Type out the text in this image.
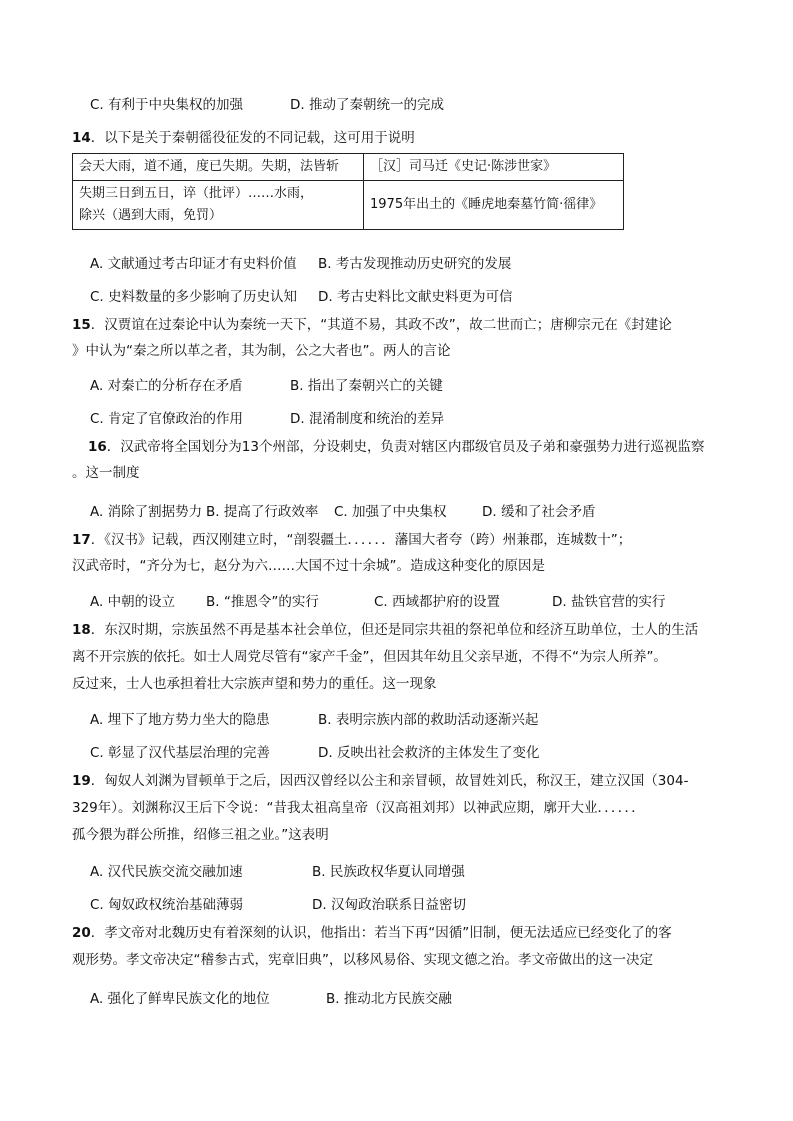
C. 有利于中央集权的加强	D. 推动了秦朝统一的完成
14．以下是关于秦朝徭役征发的不同记载，这可用于说明
会天大雨，道不通，度已失期。失期，法皆斩	［汉］司马迁《史记·陈涉世家》

失期三日到五日，谇（批评）……水雨，
除兴（遇到大雨，免罚）	1975年出土的《睡虎地秦墓竹简·徭律》
A. 文献通过考古印证才有史料价值 B. 考古发现推动历史研究的发展
C. 史料数量的多少影响了历史认知 D. 考古史料比文献史料更为可信
15．汉贾谊在过秦论中认为秦统一天下，“其道不易，其政不改”，故二世而亡；唐柳宗元在《封建论
》中认为“秦之所以革之者，其为制，公之大者也”。两人的言论
A. 对秦亡的分析存在矛盾	B. 指出了秦朝兴亡的关键
C. 肯定了官僚政治的作用	D. 混淆制度和统治的差异
16．汉武帝将全国划分为13个州部，分设刺史，负责对辖区内郡级官员及子弟和豪强势力进行巡视监察
。这一制度
A. 消除了割据势力 B. 提高了行政效率 C. 加强了中央集权	D. 缓和了社会矛盾
17．《汉书》记载，西汉刚建立时，“剖裂疆土．．．．．．藩国大者夸（跨）州兼郡，连城数十”；
汉武帝时，“齐分为七，赵分为六……大国不过十余城”。造成这种变化的原因是
A. 中朝的设立 B. “推恩令”的实行	C. 西域都护府的设置	D. 盐铁官营的实行
18．东汉时期，宗族虽然不再是基本社会单位，但还是同宗共祖的祭祀单位和经济互助单位，士人的生活
离不开宗族的依托。如士人周党尽管有“家产千金”，但因其年幼且父亲早逝，不得不“为宗人所养”。
反过来，士人也承担着壮大宗族声望和势力的重任。这一现象
A. 埋下了地方势力坐大的隐患	B. 表明宗族内部的救助活动逐渐兴起
C. 彰显了汉代基层治理的完善	D. 反映出社会救济的主体发生了变化
19．匈奴人刘渊为冒顿单于之后，因西汉曾经以公主和亲冒顿，故冒姓刘氏，称汉王，建立汉国（304-
329年）。刘渊称汉王后下令说：“昔我太祖高皇帝（汉高祖刘邦）以神武应期，廓开大业．．．．．．
孤今猥为群公所推，绍修三祖之业。”这表明
A. 汉代民族交流交融加速	B. 民族政权华夏认同增强
C. 匈奴政权统治基础薄弱	D. 汉匈政治联系日益密切
20．孝文帝对北魏历史有着深刻的认识，他指出：若当下再“因循”旧制，便无法适应已经变化了的客
观形势。孝文帝决定“稽参古式，宪章旧典”，以移风易俗、实现文德之治。孝文帝做出的这一决定
A. 强化了鲜卑民族文化的地位	B. 推动北方民族交融
